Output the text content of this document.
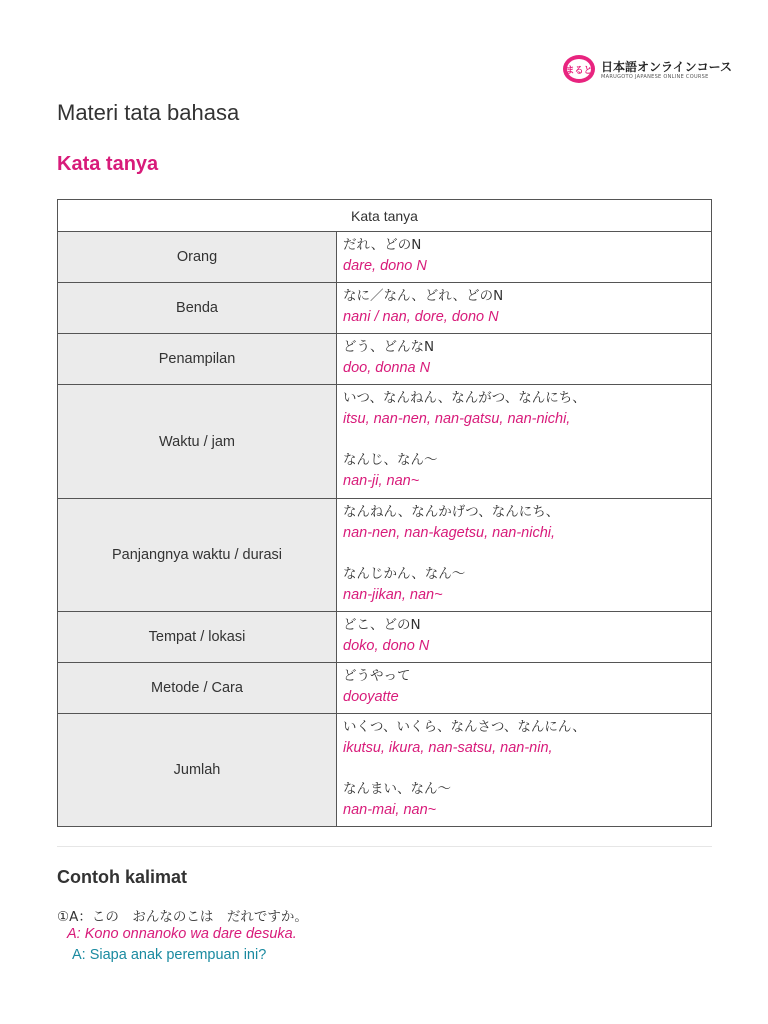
まると 日本語オンラインコース
MARUGOTO JAPANESE ONLINE COURSE
Materi tata bahasa
Kata tanya
Kata tanya	
Orang	だれ、どのN
dare, dono N

Benda	なに／なん、どれ、どのN
nani / nan, dore, dono N

Penampilan	どう、どんなN
doo, donna N

Waktu / jam	いつ、なんねん、なんがつ、なんにち、
itsu, nan-nen, nan-gatsu, nan-nichi,
なんじ、なん〜
nan-ji, nan~

Panjangnya waktu / durasi	なんねん、なんかげつ、なんにち、
nan-nen, nan-kagetsu, nan-nichi,
なんじかん、なん〜
nan-jikan, nan~

Tempat / lokasi	どこ、どのN
doko, dono N

Metode / Cara	どうやって
dooyatte

Jumlah	いくつ、いくら、なんさつ、なんにん、
ikutsu, ikura, nan-satsu, nan-nin,
なんまい、なん〜
nan-mai, nan~
Contoh kalimat
①A：この　おんなのこは　だれですか。
A: Kono onnanoko wa dare desuka.
A: Siapa anak perempuan ini?
